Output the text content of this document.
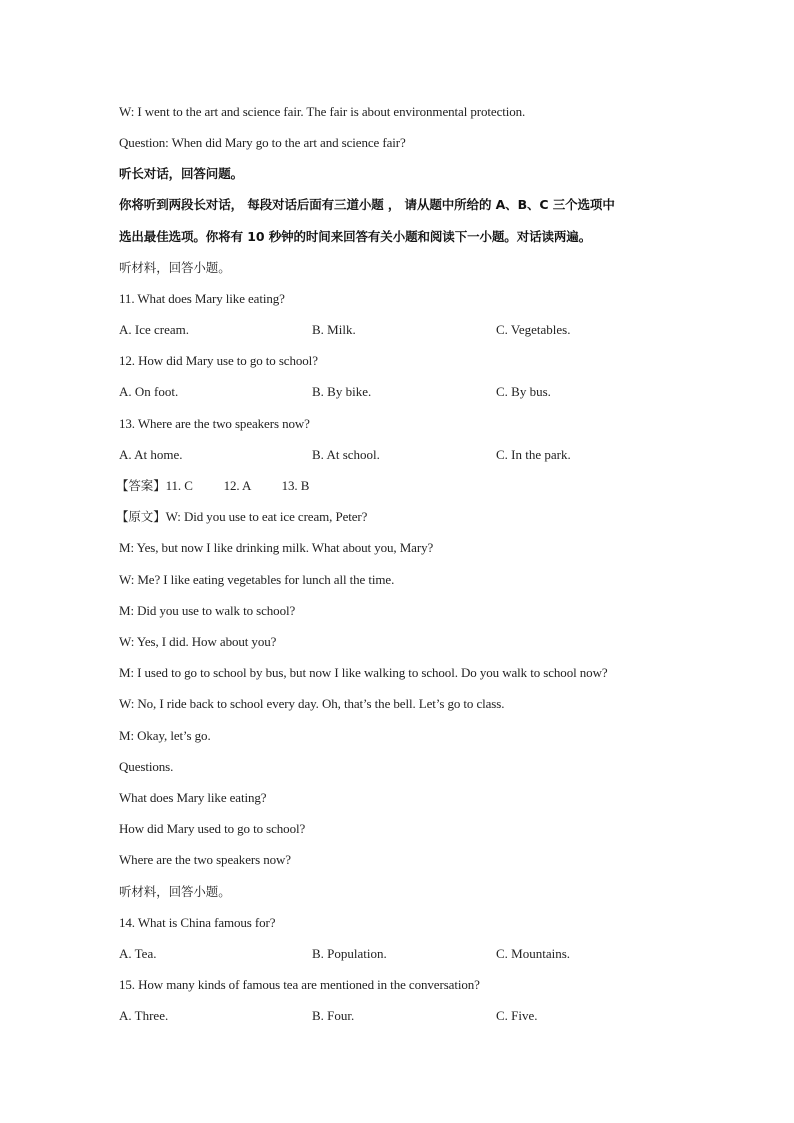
W: I went to the art and science fair. The fair is about environmental protection.
Question: When did Mary go to the art and science fair?
听长对话，回答问题。
你将听到两段长对话， 每段对话后面有三道小题 ， 请从题中所给的 A、B、C 三个选项中
选出最佳选项。你将有 10 秒钟的时间来回答有关小题和阅读下一小题。对话读两遍。
听材料，回答小题。
11. What does Mary like eating?
A. Ice cream.	B. Milk.	C. Vegetables.
12. How did Mary use to go to school?
A. On foot.	B. By bike.	C. By bus.
13. Where are the two speakers now?
A. At home.	B. At school.	C. In the park.
【答案】11. C 12. A 13. B
【原文】W: Did you use to eat ice cream, Peter?
M: Yes, but now I like drinking milk. What about you, Mary?
W: Me? I like eating vegetables for lunch all the time.
M: Did you use to walk to school?
W: Yes, I did. How about you?
M: I used to go to school by bus, but now I like walking to school. Do you walk to school now?
W: No, I ride back to school every day. Oh, that’s the bell. Let’s go to class.
M: Okay, let’s go.
Questions.
What does Mary like eating?
How did Mary used to go to school?
Where are the two speakers now?
听材料，回答小题。
14. What is China famous for?
A. Tea.	B. Population.	C. Mountains.
15. How many kinds of famous tea are mentioned in the conversation?
A. Three.	B. Four.	C. Five.
